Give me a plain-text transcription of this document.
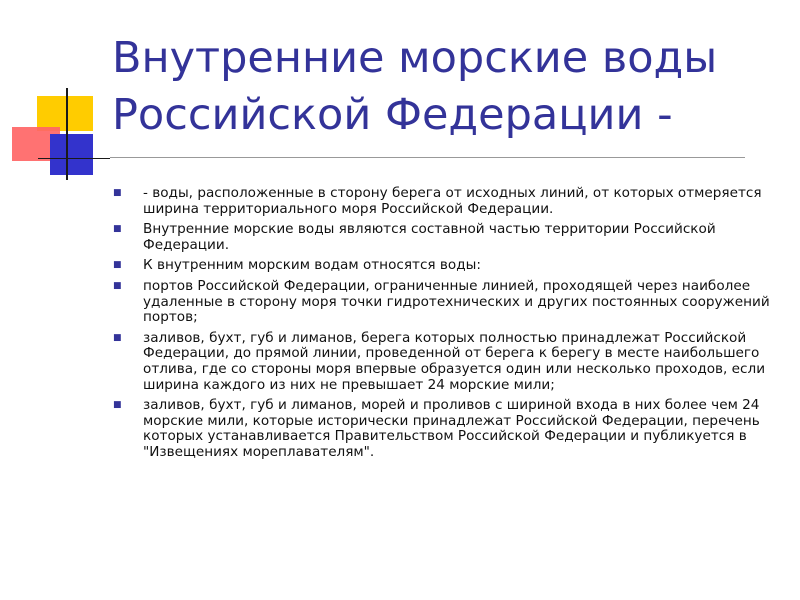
Внутренние морские воды Российской Федерации -
■ - воды, расположенные в сторону берега от исходных линий, от которых отмеряется ширина территориального моря Российской Федерации.
■ Внутренние морские воды являются составной частью территории Российской Федерации.
■ К внутренним морским водам относятся воды:
■ портов Российской Федерации, ограниченные линией, проходящей через наиболее удаленные в сторону моря точки гидротехнических и других постоянных сооружений портов;
■ заливов, бухт, губ и лиманов, берега которых полностью принадлежат Российской Федерации, до прямой линии, проведенной от берега к берегу в месте наибольшего отлива, где со стороны моря впервые образуется один или несколько проходов, если ширина каждого из них не превышает 24 морские мили;
■ заливов, бухт, губ и лиманов, морей и проливов с шириной входа в них более чем 24 морские мили, которые исторически принадлежат Российской Федерации, перечень которых устанавливается Правительством Российской Федерации и публикуется в "Извещениях мореплавателям".
